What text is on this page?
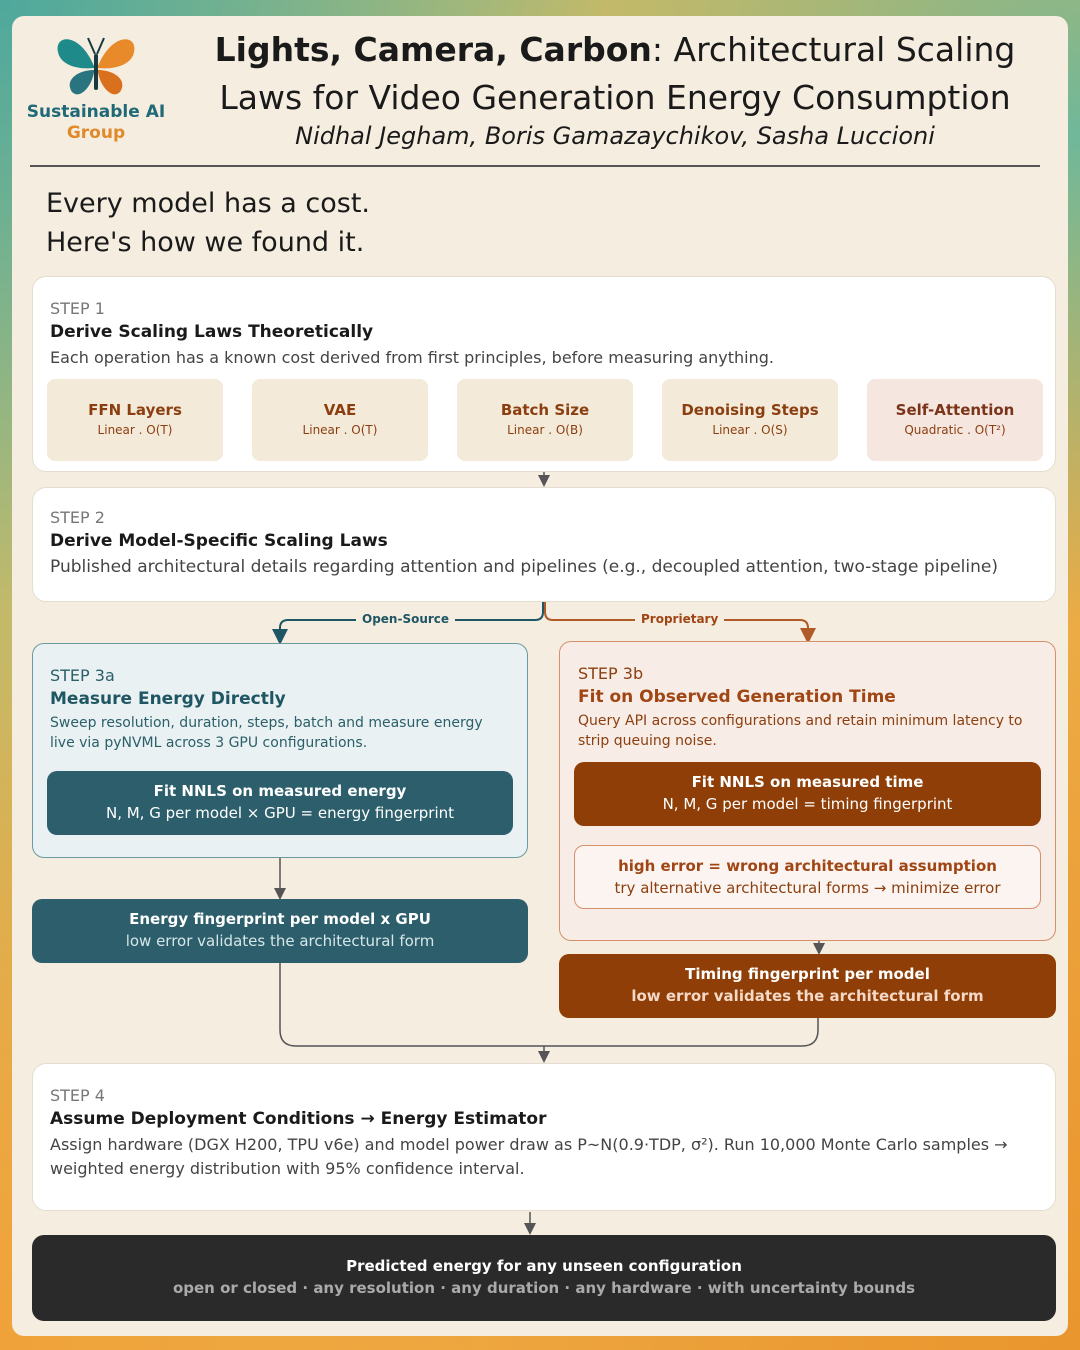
Sustainable AI
Group
Lights, Camera, Carbon: Architectural Scaling Laws for Video Generation Energy Consumption
Nidhal Jegham, Boris Gamazaychikov, Sasha Luccioni
Every model has a cost.
Here's how we found it.
STEP 1
Derive Scaling Laws Theoretically
Each operation has a known cost derived from first principles, before measuring anything.
FFN Layers
Linear . O(T)
VAE
Linear . O(T)
Batch Size
Linear . O(B)
Denoising Steps
Linear . O(S)
Self-Attention
Quadratic . O(T²)
STEP 2
Derive Model-Specific Scaling Laws
Published architectural details regarding attention and pipelines (e.g., decoupled attention, two-stage pipeline)
Open-Source	Proprietary
STEP 3a
Measure Energy Directly
Sweep resolution, duration, steps, batch and measure energy live via pyNVML across 3 GPU configurations.
Fit NNLS on measured energy
N, M, G per model × GPU = energy fingerprint
Energy fingerprint per model x GPU
low error validates the architectural form
STEP 3b
Fit on Observed Generation Time
Query API across configurations and retain minimum latency to strip queuing noise.
Fit NNLS on measured time
N, M, G per model = timing fingerprint
high error = wrong architectural assumption
try alternative architectural forms → minimize error
Timing fingerprint per model
low error validates the architectural form
STEP 4
Assume Deployment Conditions → Energy Estimator
Assign hardware (DGX H200, TPU v6e) and model power draw as P~N(0.9·TDP, σ²). Run 10,000 Monte Carlo samples → weighted energy distribution with 95% confidence interval.
Predicted energy for any unseen configuration
open or closed · any resolution · any duration · any hardware · with uncertainty bounds
